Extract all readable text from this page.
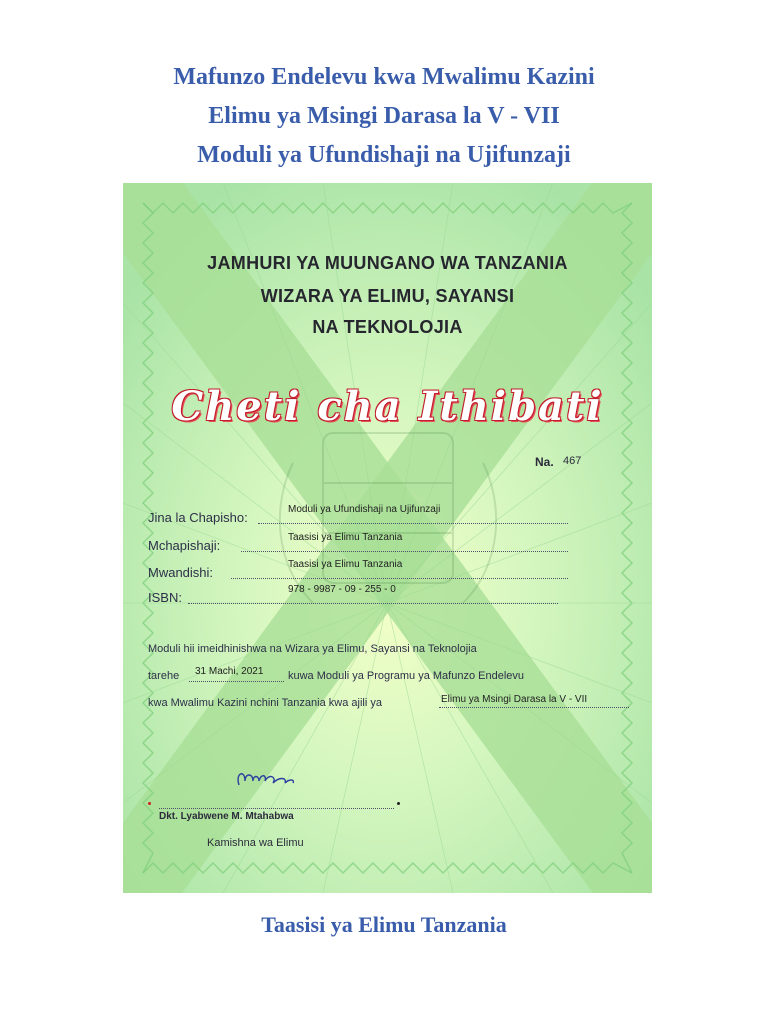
Mafunzo Endelevu kwa Mwalimu Kazini
Elimu ya Msingi Darasa la V - VII
Moduli ya Ufundishaji na Ujifunzaji
JAMHURI YA MUUNGANO WA TANZANIA
WIZARA YA ELIMU, SAYANSI
NA TEKNOLOJIA
Cheti cha Ithibati
Na. 467
Jina la Chapisho:
Moduli ya Ufundishaji na Ujifunzaji
Mchapishaji:
Taasisi ya Elimu Tanzania
Mwandishi:
Taasisi ya Elimu Tanzania
ISBN:
978 - 9987 - 09 - 255 - 0
Moduli hii imeidhinishwa na Wizara ya Elimu, Sayansi na Teknolojia
tarehe 31 Machi, 2021 kuwa Moduli ya Programu ya Mafunzo Endelevu
kwa Mwalimu Kazini nchini Tanzania kwa ajili ya	Elimu ya Msingi Darasa la V - VII
Dkt. Lyabwene M. Mtahabwa
Kamishna wa Elimu
Taasisi ya Elimu Tanzania
